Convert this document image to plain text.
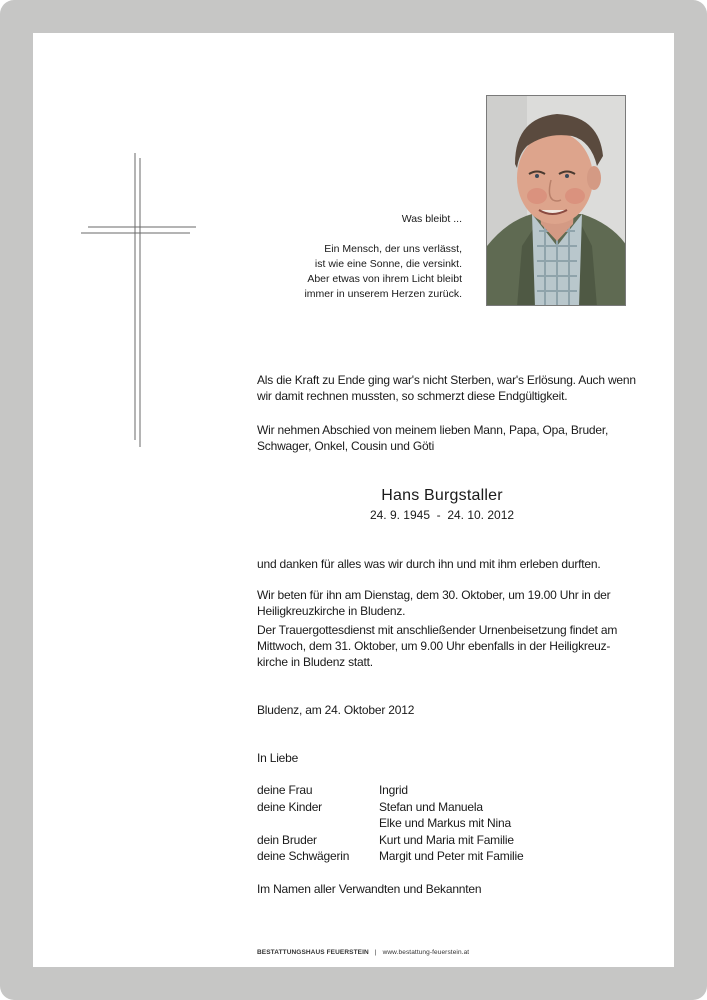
Was bleibt ...
Ein Mensch, der uns verlässt,
ist wie eine Sonne, die versinkt.
Aber etwas von ihrem Licht bleibt
immer in unserem Herzen zurück.
Als die Kraft zu Ende ging war's nicht Sterben, war's Erlösung. Auch wenn wir damit rechnen mussten, so schmerzt diese Endgültigkeit.
Wir nehmen Abschied von meinem lieben Mann, Papa, Opa, Bruder, Schwager, Onkel, Cousin und Göti
Hans Burgstaller
24. 9. 1945  -  24. 10. 2012
und danken für alles was wir durch ihn und mit ihm erleben durften.
Wir beten für ihn am Dienstag, dem 30. Oktober, um 19.00 Uhr in der Heiligkreuzkirche in Bludenz.
Der Trauergottesdienst mit anschließender Urnenbeisetzung findet am Mittwoch, dem 31. Oktober, um 9.00 Uhr ebenfalls in der Heiligkreuz-kirche in Bludenz statt.
Bludenz, am 24. Oktober 2012
In Liebe
deine Frau	Ingrid
deine Kinder	Stefan und Manuela
Elke und Markus mit Nina
dein Bruder	Kurt und Maria mit Familie
deine Schwägerin	Margit und Peter mit Familie
Im Namen aller Verwandten und Bekannten
BESTATTUNGSHAUS FEUERSTEIN | www.bestattung-feuerstein.at
